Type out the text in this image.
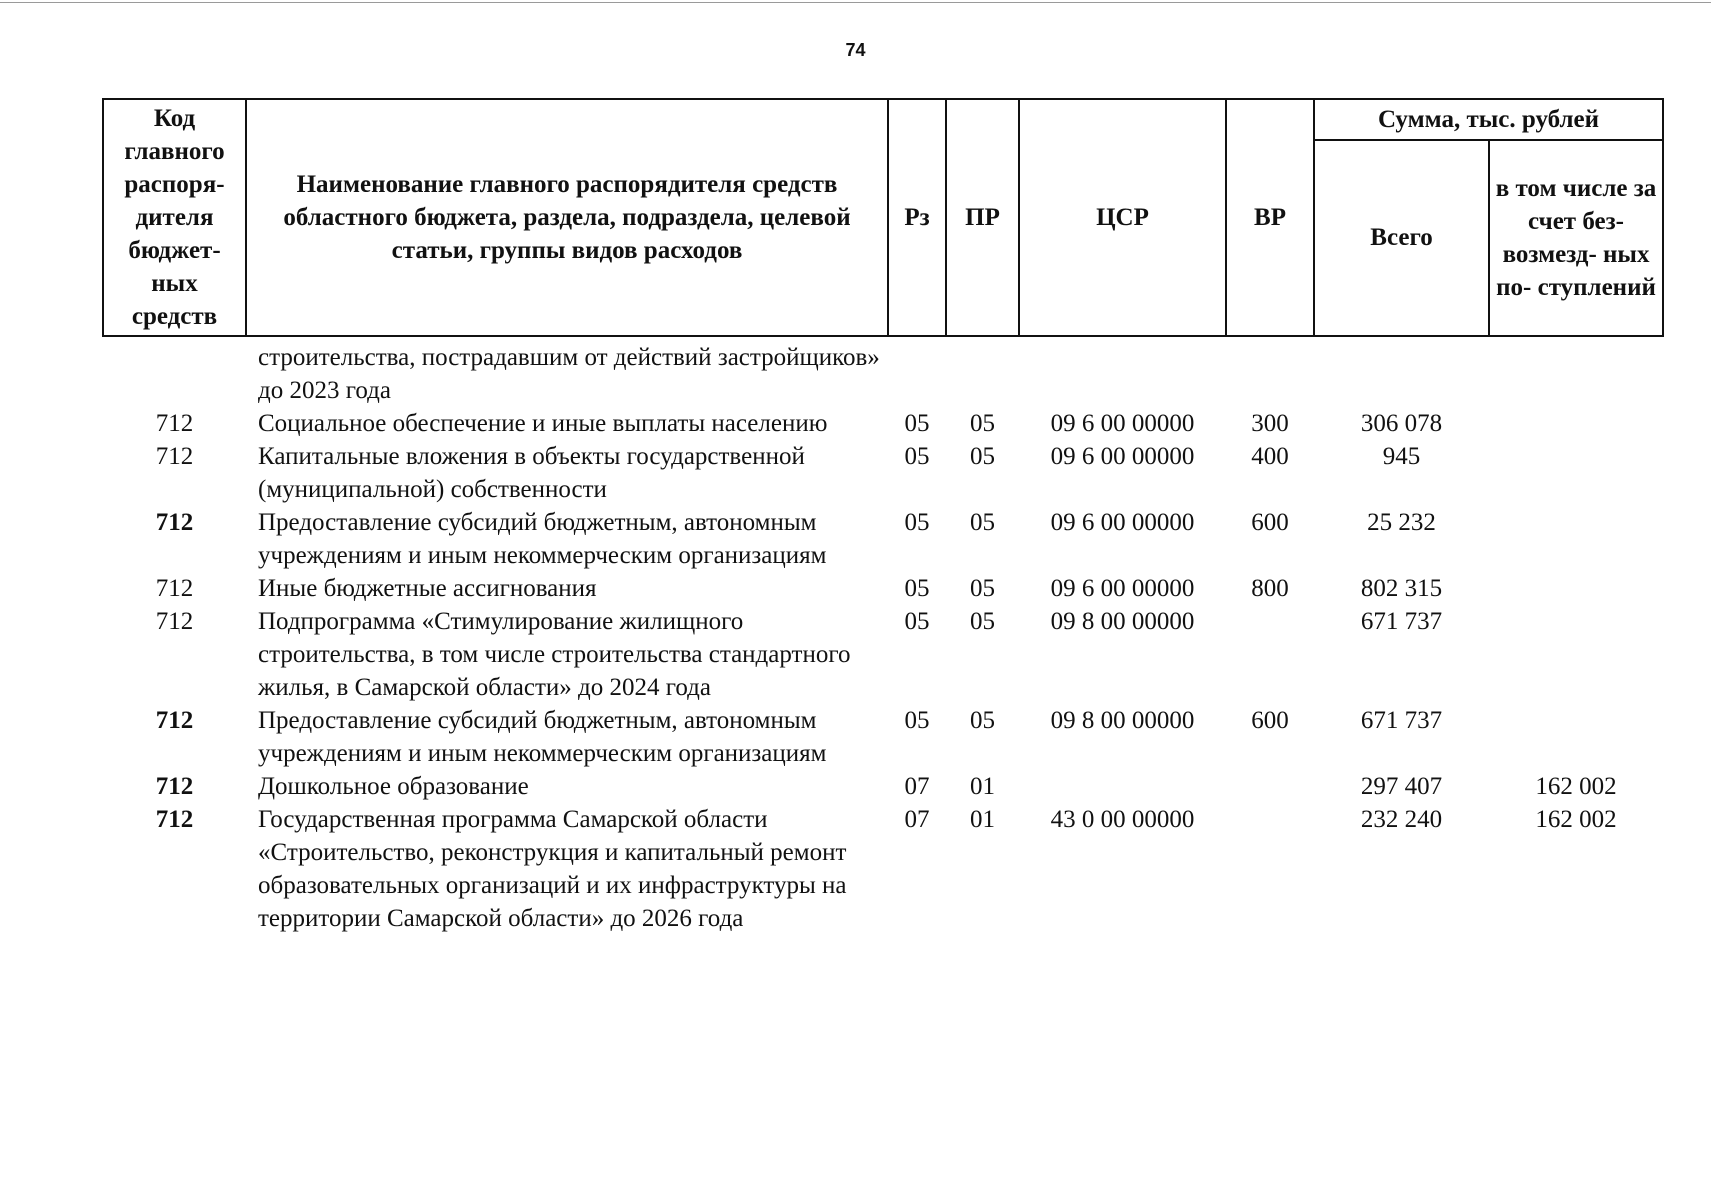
74
Код главного распоря- дителя бюджет- ных средств	Наименование главного распорядителя средств областного бюджета, раздела, подраздела, целевой статьи, группы видов расходов	Рз	ПР	ЦСР	ВР	Сумма, тыс. рублей	
						Всего	в том числе за счет без- возмезд- ных по- ступлений
	строительства, пострадавшим от действий застройщиков» до 2023 года						
712	Социальное обеспечение и иные выплаты населению	05	05	09 6 00 00000	300	306 078	
712	Капитальные вложения в объекты государственной (муниципальной) собственности	05	05	09 6 00 00000	400	945	
712	Предоставление субсидий бюджетным, автономным учреждениям и иным некоммерческим организациям	05	05	09 6 00 00000	600	25 232	
712	Иные бюджетные ассигнования	05	05	09 6 00 00000	800	802 315	
712	Подпрограмма «Стимулирование жилищного строительства, в том числе строительства стандартного жилья, в Самарской области» до 2024 года	05	05	09 8 00 00000		671 737	
712	Предоставление субсидий бюджетным, автономным учреждениям и иным некоммерческим организациям	05	05	09 8 00 00000	600	671 737	
712	Дошкольное образование	07	01			297 407	162 002
712	Государственная программа Самарской области «Строительство, реконструкция и капитальный ремонт образовательных организаций и их инфраструктуры на территории Самарской области» до 2026 года	07	01	43 0 00 00000		232 240	162 002
